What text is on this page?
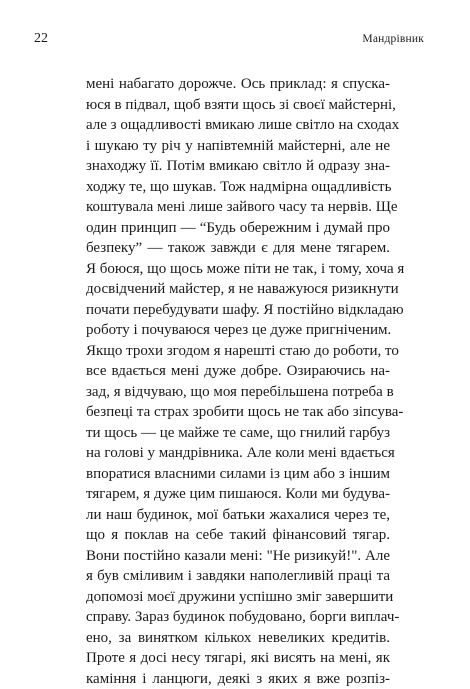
22	Мандрівник
мені набагато дорожче. Ось приклад: я спуска-
юся в підвал, щоб взяти щось зі своєї майстерні,
але з ощадливості вмикаю лише світло на сходах
і шукаю ту річ у напівтемній майстерні, але не
знаходжу її. Потім вмикаю світло й одразу зна-
ходжу те, що шукав. Тож надмірна ощадливість
коштувала мені лише зайвого часу та нервів. Ще
один принцип — “Будь обережним і думай про
безпеку” — також завжди є для мене тягарем.
Я боюся, що щось може піти не так, і тому, хоча я
досвідчений майстер, я не наважуюся ризикнути
почати перебудувати шафу. Я постійно відкладаю
роботу і почуваюся через це дуже пригніченим.
Якщо трохи згодом я нарешті стаю до роботи, то
все вдається мені дуже добре. Озираючись на-
зад, я відчуваю, що моя перебільшена потреба в
безпеці та страх зробити щось не так або зіпсува-
ти щось — це майже те саме, що гнилий гарбуз
на голові у мандрівника. Але коли мені вдається
впоратися власними силами із цим або з іншим
тягарем, я дуже цим пишаюся. Коли ми будува-
ли наш будинок, мої батьки жахалися через те,
що я поклав на себе такий фінансовий тягар.
Вони постійно казали мені: "Не ризикуй!". Але
я був сміливим і завдяки наполегливій праці та
допомозі моєї дружини успішно зміг завершити
справу. Зараз будинок побудовано, борги виплач-
ено, за винятком кількох невеликих кредитів.
Проте я досі несу тягарі, які висять на мені, як
каміння і ланцюги, деякі з яких я вже розпіз-
